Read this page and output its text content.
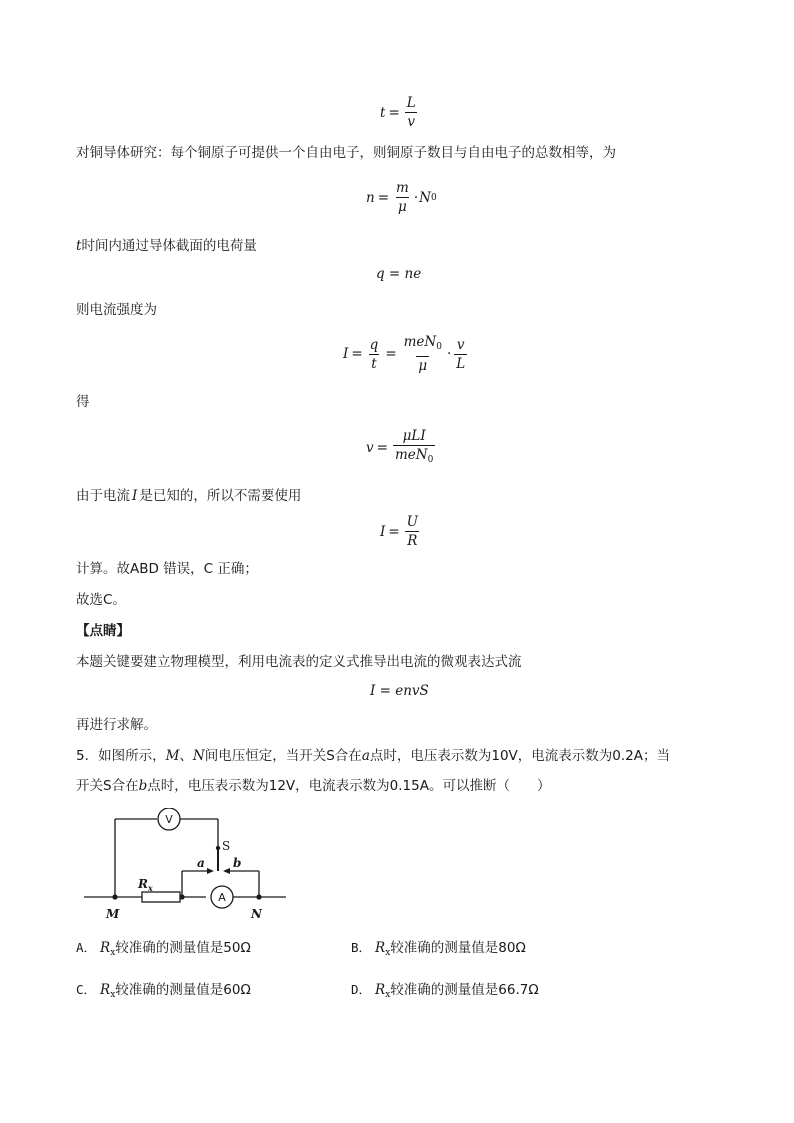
$t = \frac{L}{v}$
对铜导体研究：每个铜原子可提供一个自由电子，则铜原子数目与自由电子的总数相等，为
$n = \frac{m}{\mu} \cdot N$ 0
t时间内通过导体截面的电荷量
q = ne
则电流强度为
$I = \frac{q}{t} = \frac{meN_0}{\mu} \cdot \frac{v}{L}$
得
$v = \frac{\text{μLI}}{meN_0}$
由于电流 I 是已知的，所以不需要使用
$I = \frac{U}{R}$
计算。故ABD 错误，C 正确；
故选C。
【点睛】
本题关键要建立物理模型，利用电流表的定义式推导出电流的微观表达式流
I = envS
再进行求解。
5．如图所示，M、N间电压恒定，当开关S合在a点时，电压表示数为10V，电流表示数为0.2A；当
开关S合在b点时，电压表示数为12V，电流表示数为0.15A。可以推断（　　）
V
A
S
a b
$R_x$
M	N
A． $R_x$较准确的测量值是50Ω	B． $R_x$较准确的测量值是80Ω
C． $R_x$较准确的测量值是60Ω	D． $R_x$较准确的测量值是66.7Ω
